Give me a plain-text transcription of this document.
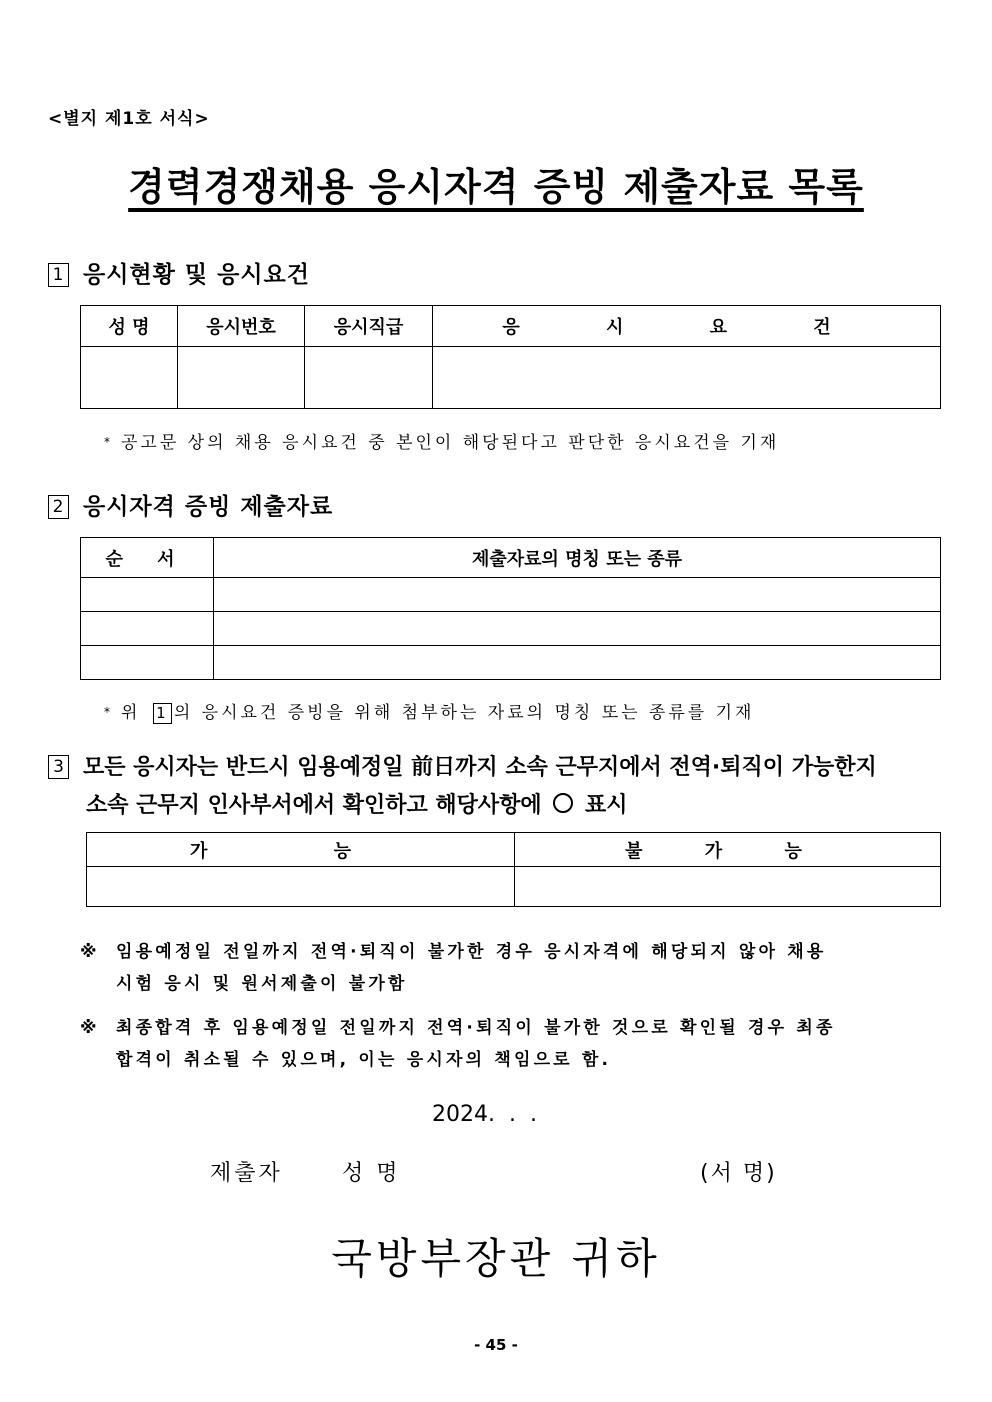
<별지 제1호 서식>
경력경쟁채용 응시자격 증빙 제출자료 목록
1 응시현황 및 응시요건
성 명	응시번호	응시직급	응 시 요 건

* 공고문 상의 채용 응시요건 중 본인이 해당된다고 판단한 응시요건을 기재
2 응시자격 증빙 제출자료
순 서	제출자료의 명칭 또는 종류

* 위 1 의 응시요건 증빙을 위해 첨부하는 자료의 명칭 또는 종류를 기재
3 모든 응시자는 반드시 임용예정일 前日까지 소속 근무지에서 전역·퇴직이 가능한지
소속 근무지 인사부서에서 확인하고 해당사항에 ○ 표시
가 능	불 가 능

※ 임용예정일 전일까지 전역·퇴직이 불가한 경우 응시자격에 해당되지 않아 채용
시험 응시 및 원서제출이 불가함
※ 최종합격 후 임용예정일 전일까지 전역·퇴직이 불가한 것으로 확인될 경우 최종
합격이 취소될 수 있으며, 이는 응시자의 책임으로 함.
2024.  .  .
제출자	성 명	(서 명)
국방부장관 귀하
- 45 -
